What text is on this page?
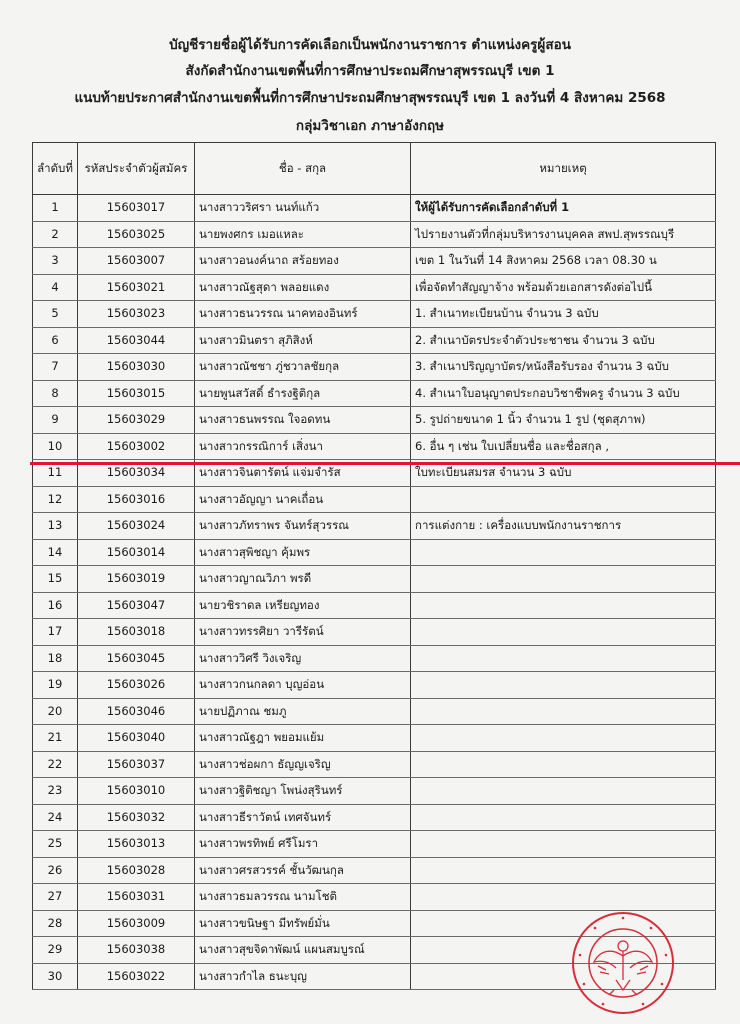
บัญชีรายชื่อผู้ได้รับการคัดเลือกเป็นพนักงานราชการ ตำแหน่งครูผู้สอน
สังกัดสำนักงานเขตพื้นที่การศึกษาประถมศึกษาสุพรรณบุรี เขต 1
แนบท้ายประกาศสำนักงานเขตพื้นที่การศึกษาประถมศึกษาสุพรรณบุรี เขต 1 ลงวันที่ 4 สิงหาคม 2568
กลุ่มวิชาเอก ภาษาอังกฤษ
ลำดับที่	รหัสประจำตัวผู้สมัคร	ชื่อ - สกุล	หมายเหตุ
1	15603017	นางสาววริศรา นนท์แก้ว	ให้ผู้ได้รับการคัดเลือกลำดับที่ 1
2	15603025	นายพงศกร เมอแหละ	ไปรายงานตัวที่กลุ่มบริหารงานบุคคล สพป.สุพรรณบุรี
3	15603007	นางสาวอนงค์นาถ สร้อยทอง	เขต 1 ในวันที่ 14 สิงหาคม 2568 เวลา 08.30 น
4	15603021	นางสาวณัฐสุดา พลอยแดง	เพื่อจัดทำสัญญาจ้าง พร้อมด้วยเอกสารดังต่อไปนี้
5	15603023	นางสาวธนวรรณ นาคทองอินทร์	1. สำเนาทะเบียนบ้าน จำนวน 3 ฉบับ
6	15603044	นางสาวมินตรา สุภิสิงห์	2. สำเนาบัตรประจำตัวประชาชน จำนวน 3 ฉบับ
7	15603030	นางสาวณัชชา ภู่ชวาลชัยกุล	3. สำเนาปริญญาบัตร/หนังสือรับรอง จำนวน 3 ฉบับ
8	15603015	นายพูนสวัสดิ์ ธำรงฐิติกุล	4. สำเนาใบอนุญาตประกอบวิชาชีพครู จำนวน 3 ฉบับ
9	15603029	นางสาวธนพรรณ ใจอดทน	5. รูปถ่ายขนาด 1 นิ้ว จำนวน 1 รูป (ชุดสุภาพ)
10	15603002	นางสาวกรรณิการ์ เสิ่งนา	6. อื่น ๆ เช่น ใบเปลี่ยนชื่อ และชื่อสกุล ,
11	15603034	นางสาวจินตารัตน์ แจ่มจำรัส	ใบทะเบียนสมรส จำนวน 3 ฉบับ
12	15603016	นางสาวอัญญา นาคเถื่อน	
13	15603024	นางสาวภัทราพร จันทร์สุวรรณ	การแต่งกาย : เครื่องแบบพนักงานราชการ
14	15603014	นางสาวสุพิชญา คุ้มพร	
15	15603019	นางสาวญาณวิภา พรดี	
16	15603047	นายวชิราดล เหรียญทอง	
17	15603018	นางสาวทรรศิยา วารีรัตน์	
18	15603045	นางสาววิศรี วิงเจริญ	
19	15603026	นางสาวกนกลดา บุญอ่อน	
20	15603046	นายปฏิภาณ ชมภู	
21	15603040	นางสาวณัฐฎา พยอมแย้ม	
22	15603037	นางสาวช่อผกา ธัญญเจริญ	
23	15603010	นางสาวฐิติชญา โพน่งสุรินทร์	
24	15603032	นางสาวธีราวัตน์ เทศจันทร์	
25	15603013	นางสาวพรทิพย์ ศรีโมรา	
26	15603028	นางสาวศรสวรรค์ ชั้นวัฒนกุล	
27	15603031	นางสาวธมลวรรณ นามโชติ	
28	15603009	นางสาวขนิษฐา มีทรัพย์มั่น	
29	15603038	นางสาวสุขจิดาพัฒน์ แผนสมบูรณ์	
30	15603022	นางสาวกำไล ธนะบุญ	
